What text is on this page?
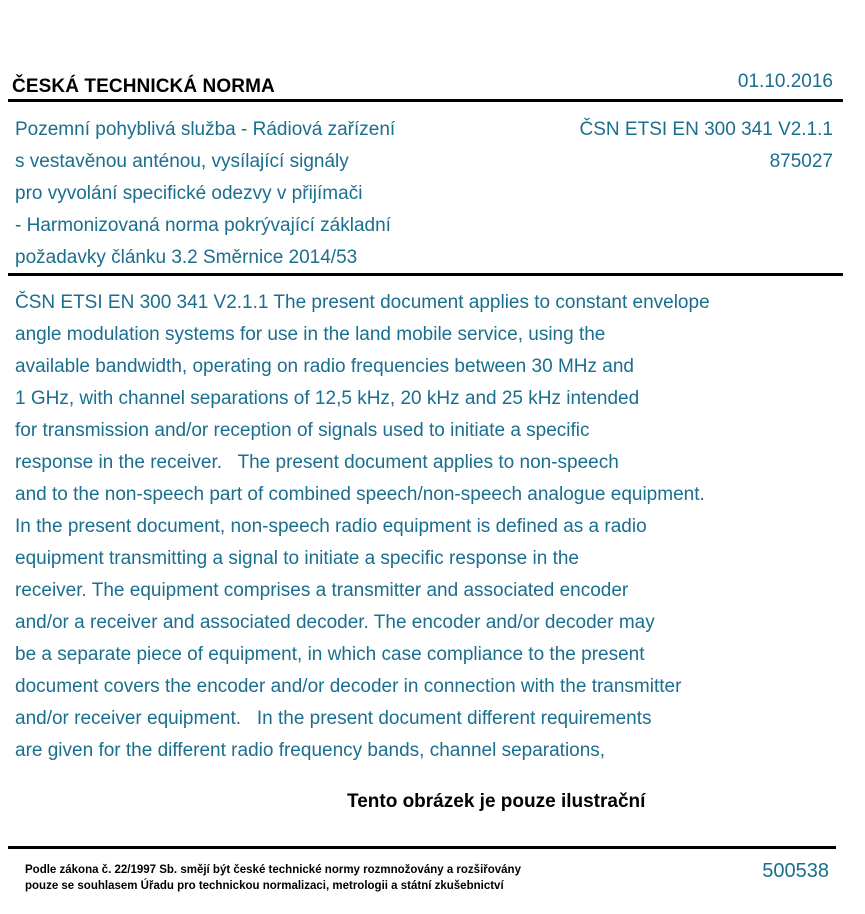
ČESKÁ TECHNICKÁ NORMA	01.10.2016
Pozemní pohyblivá služba - Rádiová zařízení
s vestavěnou anténou, vysílající signály
pro vyvolání specifické odezvy v přijímači
- Harmonizovaná norma pokrývající základní
požadavky článku 3.2 Směrnice 2014/53
ČSN ETSI EN 300 341 V2.1.1
875027
ČSN ETSI EN 300 341 V2.1.1 The present document applies to constant envelope
angle modulation systems for use in the land mobile service, using the
available bandwidth, operating on radio frequencies between 30 MHz and
1 GHz, with channel separations of 12,5 kHz, 20 kHz and 25 kHz intended
for transmission and/or reception of signals used to initiate a specific
response in the receiver.   The present document applies to non-speech
and to the non-speech part of combined speech/non-speech analogue equipment.
In the present document, non-speech radio equipment is defined as a radio
equipment transmitting a signal to initiate a specific response in the
receiver. The equipment comprises a transmitter and associated encoder
and/or a receiver and associated decoder. The encoder and/or decoder may
be a separate piece of equipment, in which case compliance to the present
document covers the encoder and/or decoder in connection with the transmitter
and/or receiver equipment.   In the present document different requirements
are given for the different radio frequency bands, channel separations,
Tento obrázek je pouze ilustrační
Podle zákona č. 22/1997 Sb. smějí být české technické normy rozmnožovány a rozšiřovány
pouze se souhlasem Úřadu pro technickou normalizaci, metrologii a státní zkušebnictví
500538
